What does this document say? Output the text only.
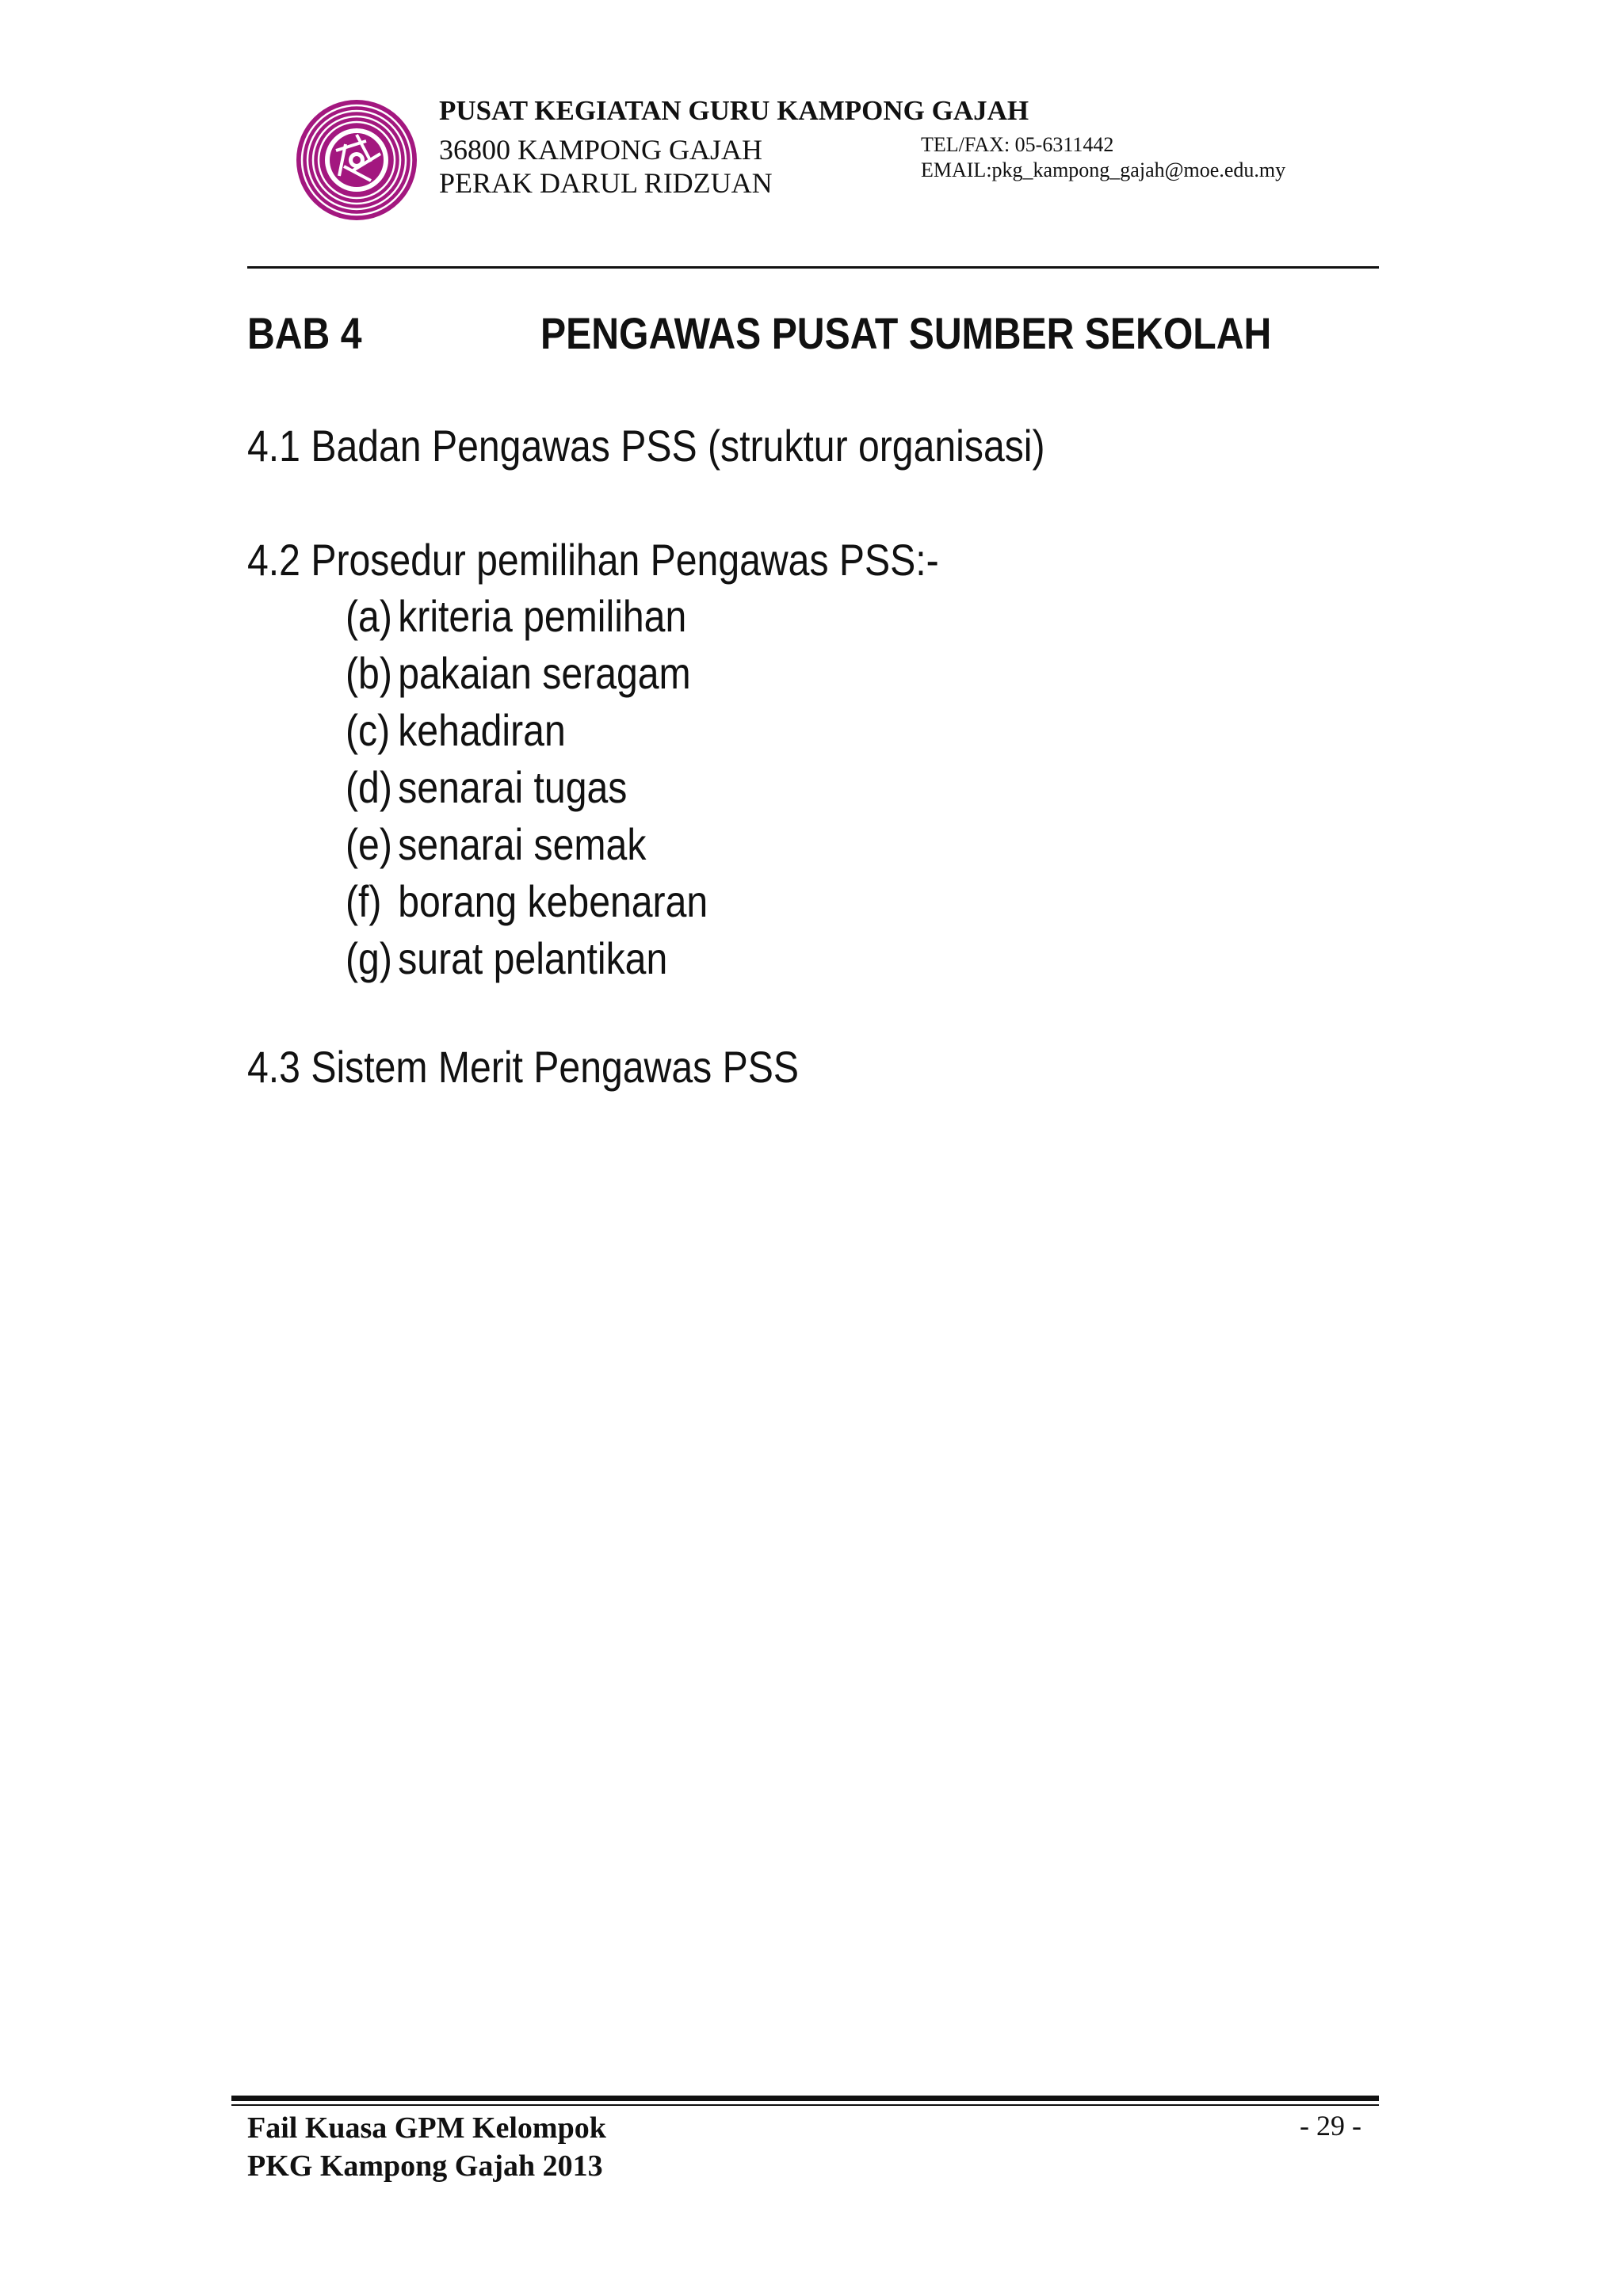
PUSAT KEGIATAN GURU KAMPONG GAJAH
36800 KAMPONG GAJAH
PERAK DARUL RIDZUAN
TEL/FAX: 05-6311442
EMAIL:pkg_kampong_gajah@moe.edu.my
BAB 4	PENGAWAS PUSAT SUMBER SEKOLAH
4.1 Badan Pengawas PSS (struktur organisasi)
4.2 Prosedur pemilihan Pengawas PSS:-
(a) kriteria pemilihan
(b) pakaian seragam
(c) kehadiran
(d) senarai tugas
(e) senarai semak
(f) borang kebenaran
(g) surat pelantikan
4.3 Sistem Merit Pengawas PSS
Fail Kuasa GPM Kelompok
PKG Kampong Gajah 2013
- 29 -
